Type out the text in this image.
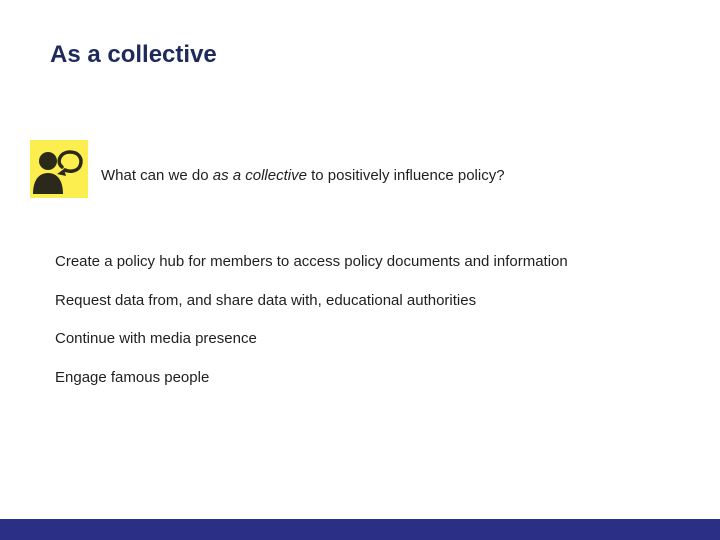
As a collective
What can we do as a collective to positively influence policy?
Create a policy hub for members to access policy documents and information
Request data from, and share data with, educational authorities
Continue with media presence
Engage famous people
